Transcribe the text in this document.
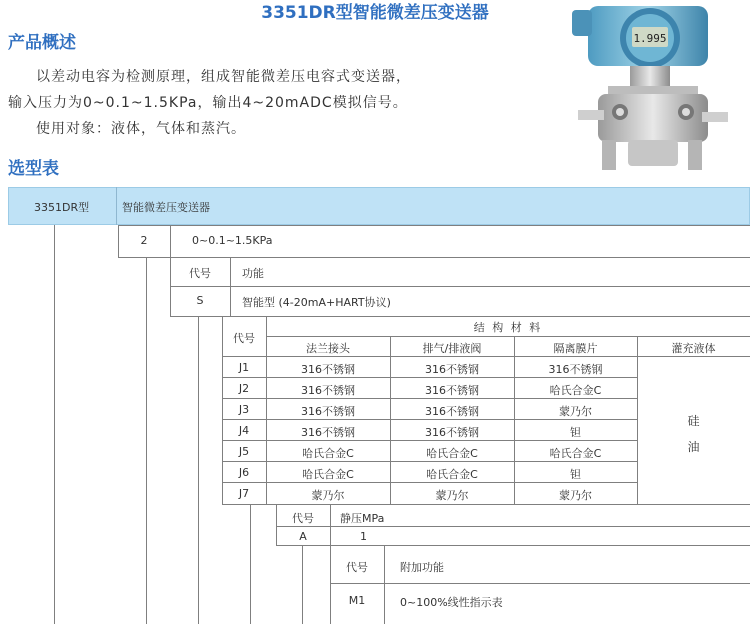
3351DR型智能微差压变送器
产品概述
以差动电容为检测原理，组成智能微差压电容式变送器，
输入压力为0~0.1~1.5KPa，输出4~20mADC模拟信号。
使用对象：液体，气体和蒸汽。
1.995
选型表
3351DR型	智能微差压变送器
2	0~0.1~1.5KPa
代号	功能
S	智能型 (4-20mA+HART协议)
代号
结 构 材 料
法兰接头	排气/排液阀	隔离膜片	灌充液体
J1	316不锈钢	316不锈钢	316不锈钢
J2	316不锈钢	316不锈钢	哈氏合金C
J3	316不锈钢	316不锈钢	蒙乃尔
J4	316不锈钢	316不锈钢	钽
J5	哈氏合金C	哈氏合金C	哈氏合金C
J6	哈氏合金C	哈氏合金C	钽
J7	蒙乃尔	蒙乃尔	蒙乃尔
硅
油
代号	静压MPa
A	1
代号	附加功能
M1	0~100%线性指示表
